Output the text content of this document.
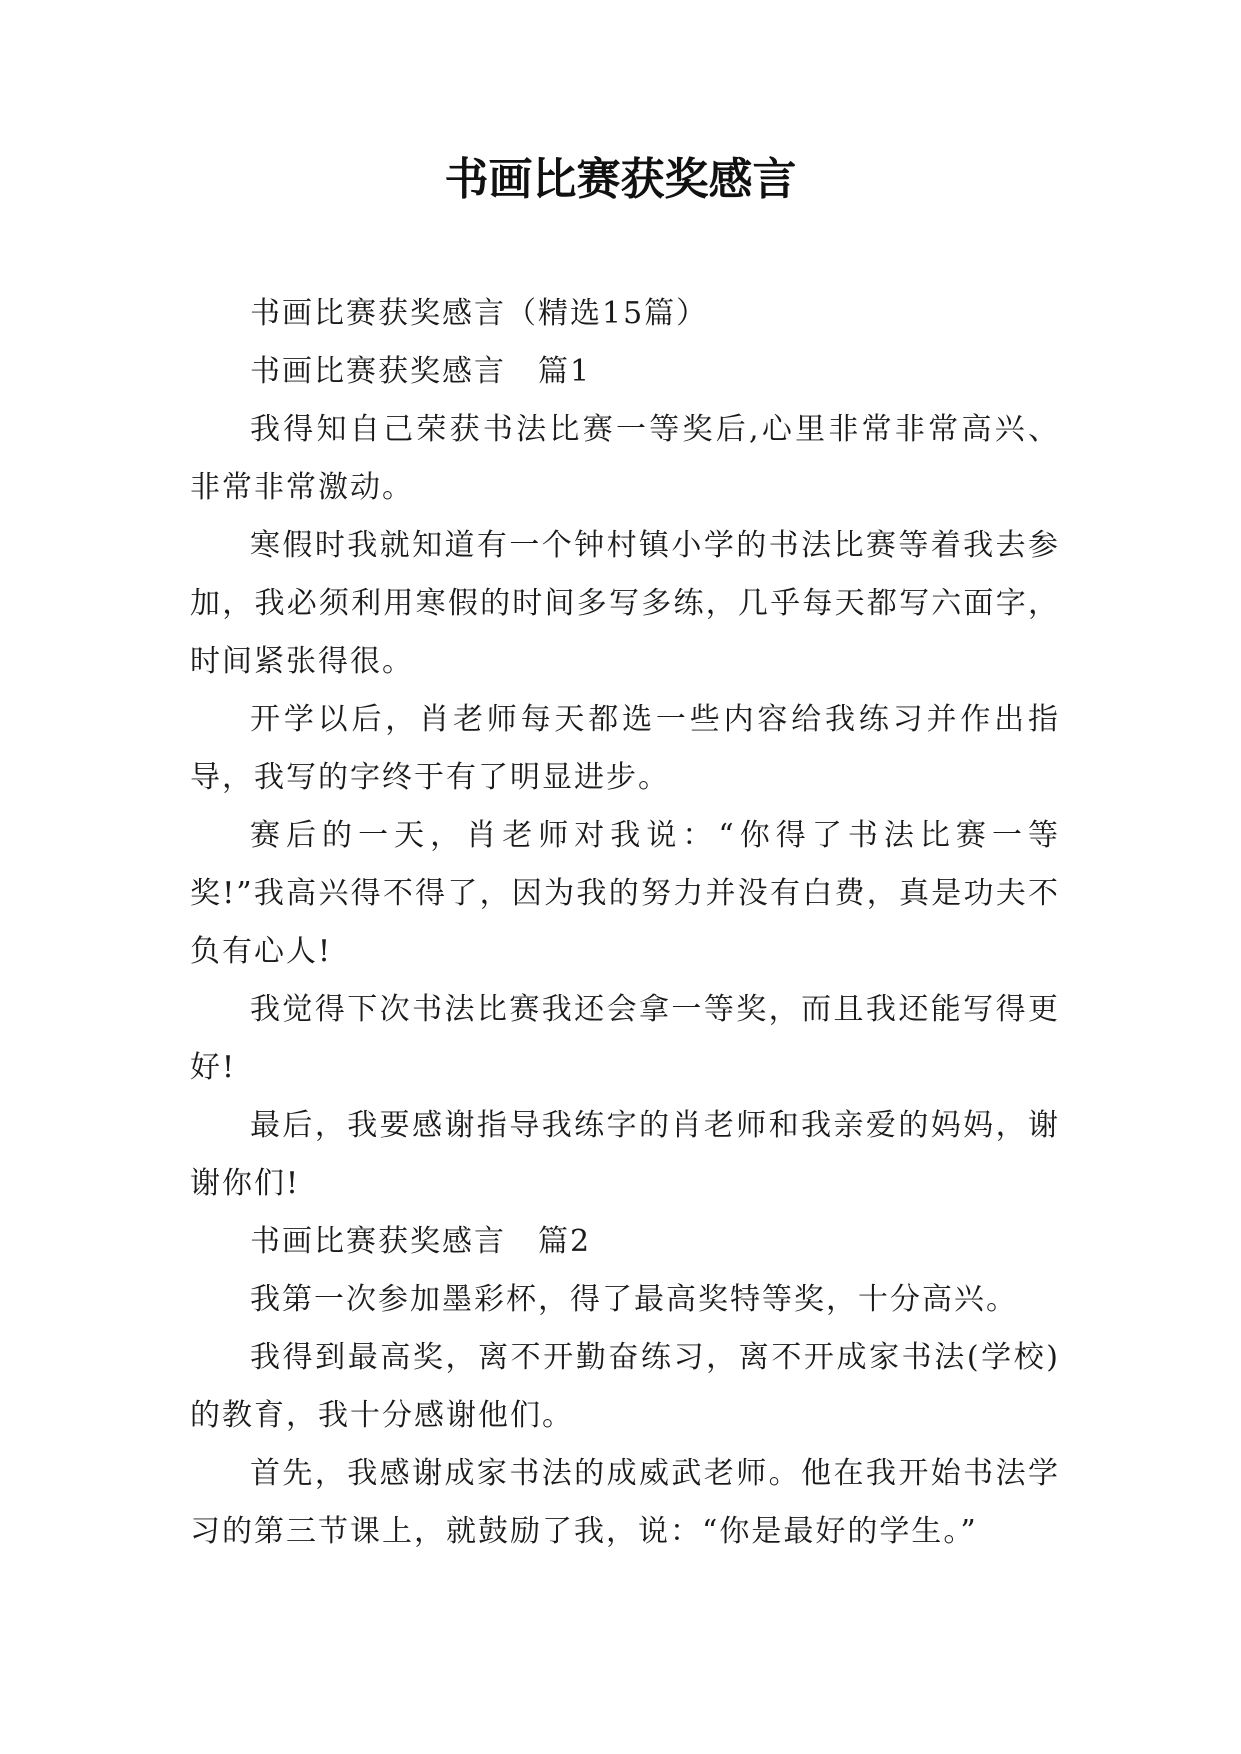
书画比赛获奖感言

书画比赛获奖感言（精选15篇）

书画比赛获奖感言　篇1

我得知自己荣获书法比赛一等奖后,心里非常非常高兴、非常非常激动。

寒假时我就知道有一个钟村镇小学的书法比赛等着我去参加，我必须利用寒假的时间多写多练，几乎每天都写六面字，时间紧张得很。

开学以后，肖老师每天都选一些内容给我练习并作出指导，我写的字终于有了明显进步。

赛后的一天，肖老师对我说：“你得了书法比赛一等奖!”我高兴得不得了，因为我的努力并没有白费，真是功夫不负有心人!

我觉得下次书法比赛我还会拿一等奖，而且我还能写得更好!

最后，我要感谢指导我练字的肖老师和我亲爱的妈妈，谢谢你们!

书画比赛获奖感言　篇2

我第一次参加墨彩杯，得了最高奖特等奖，十分高兴。

我得到最高奖，离不开勤奋练习，离不开成家书法(学校)的教育，我十分感谢他们。

首先，我感谢成家书法的成威武老师。他在我开始书法学习的第三节课上，就鼓励了我，说：“你是最好的学生。”
